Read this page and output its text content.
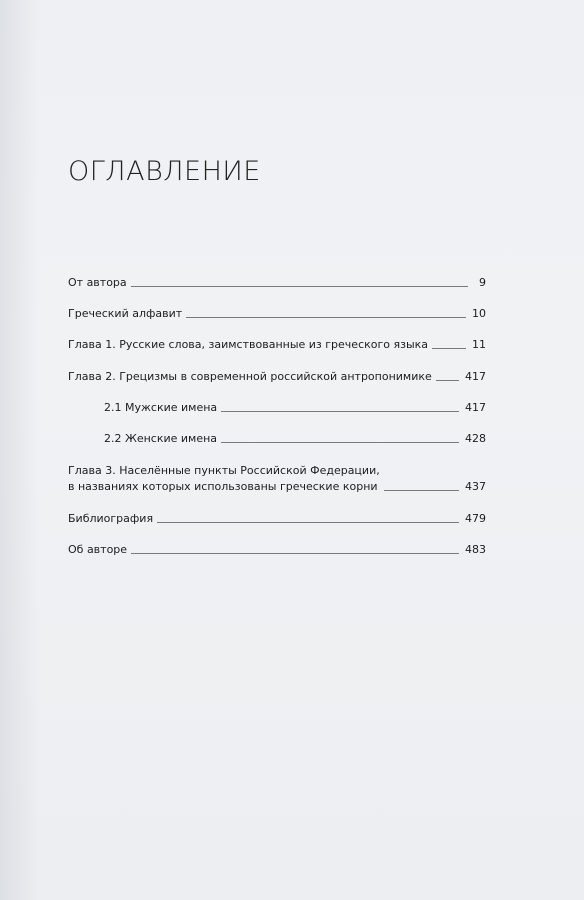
ОГЛАВЛЕНИЕ
От автора	9
Греческий алфавит	10
Глава 1. Русские слова, заимствованные из греческого языка	11
Глава 2. Грецизмы в современной российской антропонимике	417
2.1 Мужские имена	417
2.2 Женские имена	428
Глава 3. Населённые пункты Российской Федерации,
в названиях которых использованы греческие корни	437
Библиография	479
Об авторе	483
